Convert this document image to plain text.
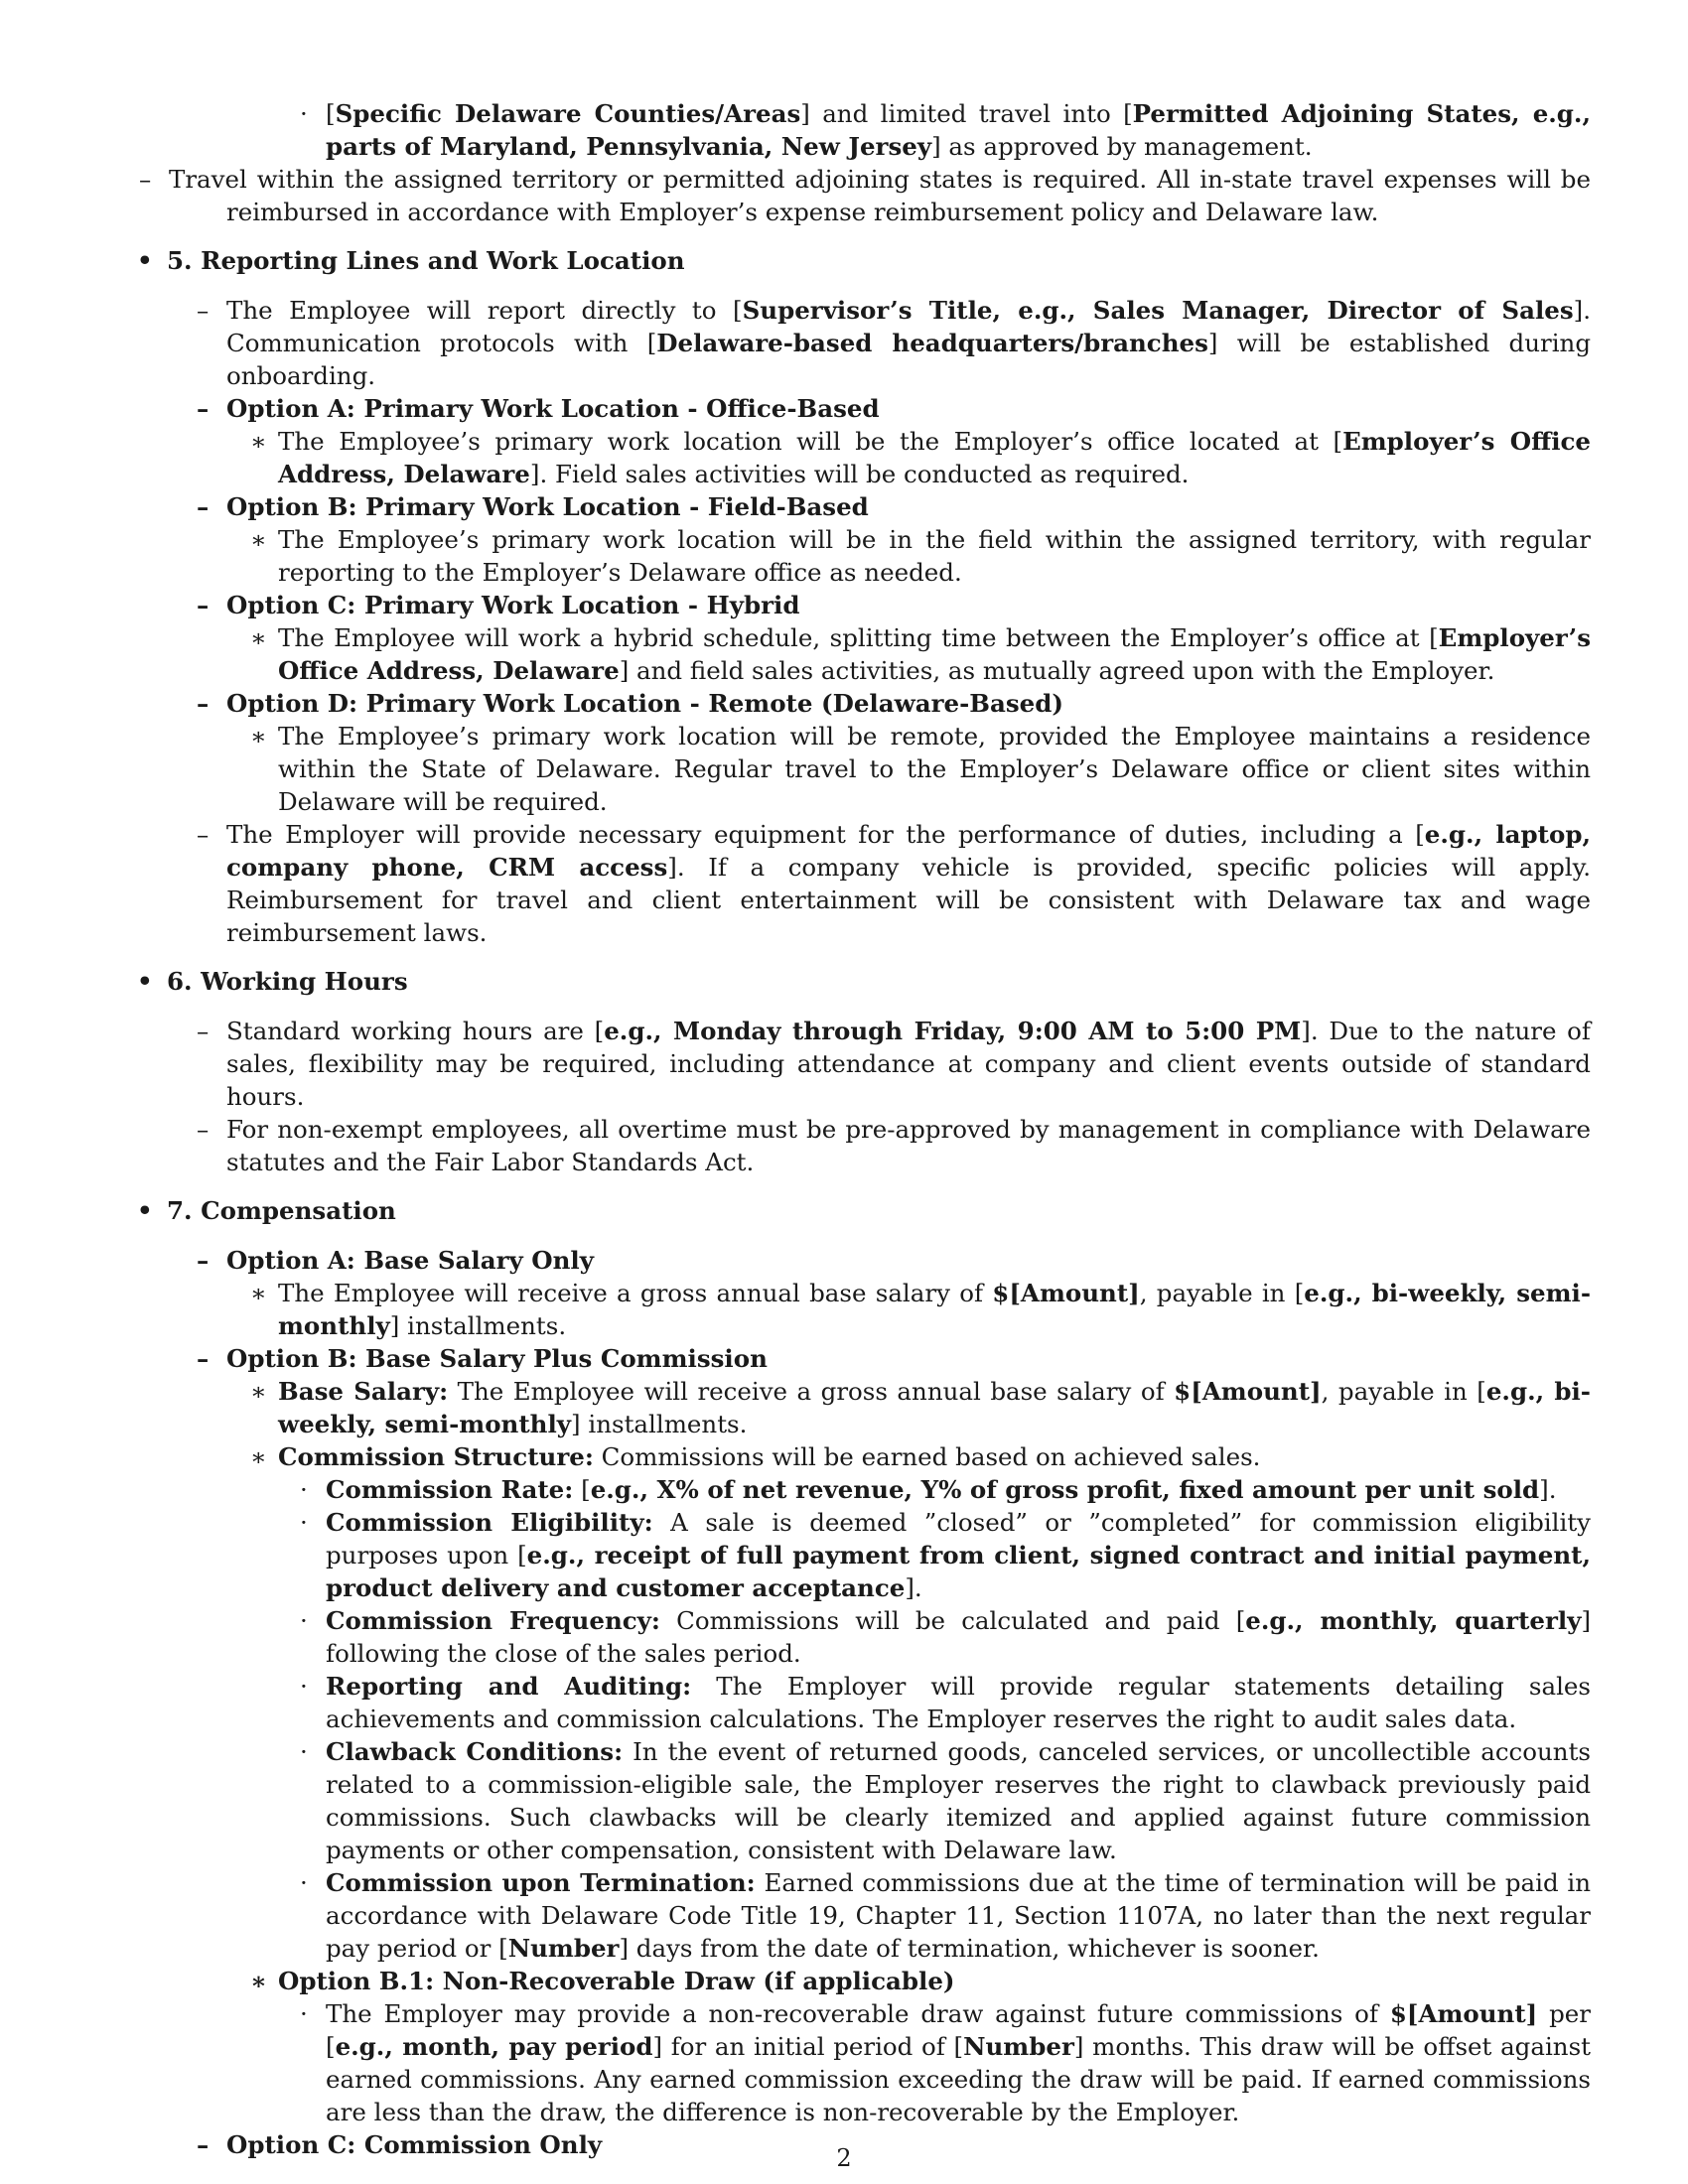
· [Specific Delaware Counties/Areas] and limited travel into [Permitted Adjoining States, e.g., parts of Maryland, Pennsylvania, New Jersey] as approved by management.

– Travel within the assigned territory or permitted adjoining states is required. All in-state travel expenses will be reimbursed in accordance with Employer’s expense reimbursement policy and Delaware law.

• 5. Reporting Lines and Work Location

– The Employee will report directly to [Supervisor’s Title, e.g., Sales Manager, Director of Sales]. Communication protocols with [Delaware-based headquarters/branches] will be established during onboarding.

– Option A: Primary Work Location - Office-Based

∗ The Employee’s primary work location will be the Employer’s office located at [Employer’s Office Address, Delaware]. Field sales activities will be conducted as required.

– Option B: Primary Work Location - Field-Based

∗ The Employee’s primary work location will be in the field within the assigned territory, with regular reporting to the Employer’s Delaware office as needed.

– Option C: Primary Work Location - Hybrid

∗ The Employee will work a hybrid schedule, splitting time between the Employer’s office at [Employer’s Office Address, Delaware] and field sales activities, as mutually agreed upon with the Employer.

– Option D: Primary Work Location - Remote (Delaware-Based)

∗ The Employee’s primary work location will be remote, provided the Employee maintains a residence within the State of Delaware. Regular travel to the Employer’s Delaware office or client sites within Delaware will be required.

– The Employer will provide necessary equipment for the performance of duties, including a [e.g., laptop, company phone, CRM access]. If a company vehicle is provided, specific policies will apply. Reimbursement for travel and client entertainment will be consistent with Delaware tax and wage reimbursement laws.

• 6. Working Hours

– Standard working hours are [e.g., Monday through Friday, 9:00 AM to 5:00 PM]. Due to the nature of sales, flexibility may be required, including attendance at company and client events outside of standard hours.

– For non-exempt employees, all overtime must be pre-approved by management in compliance with Delaware statutes and the Fair Labor Standards Act.

• 7. Compensation

– Option A: Base Salary Only

∗ The Employee will receive a gross annual base salary of $[Amount], payable in [e.g., bi-weekly, semi-monthly] installments.

– Option B: Base Salary Plus Commission

∗ Base Salary: The Employee will receive a gross annual base salary of $[Amount], payable in [e.g., bi-weekly, semi-monthly] installments.

∗ Commission Structure: Commissions will be earned based on achieved sales.

· Commission Rate: [e.g., X% of net revenue, Y% of gross profit, fixed amount per unit sold].

· Commission Eligibility: A sale is deemed ”closed” or ”completed” for commission eligibility purposes upon [e.g., receipt of full payment from client, signed contract and initial payment, product delivery and customer acceptance].

· Commission Frequency: Commissions will be calculated and paid [e.g., monthly, quarterly] following the close of the sales period.

· Reporting and Auditing: The Employer will provide regular statements detailing sales achievements and commission calculations. The Employer reserves the right to audit sales data.

· Clawback Conditions: In the event of returned goods, canceled services, or uncollectible accounts related to a commission-eligible sale, the Employer reserves the right to clawback previously paid commissions. Such clawbacks will be clearly itemized and applied against future commission payments or other compensation, consistent with Delaware law.

· Commission upon Termination: Earned commissions due at the time of termination will be paid in accordance with Delaware Code Title 19, Chapter 11, Section 1107A, no later than the next regular pay period or [Number] days from the date of termination, whichever is sooner.

∗ Option B.1: Non-Recoverable Draw (if applicable)

· The Employer may provide a non-recoverable draw against future commissions of $[Amount] per [e.g., month, pay period] for an initial period of [Number] months. This draw will be offset against earned commissions. Any earned commission exceeding the draw will be paid. If earned commissions are less than the draw, the difference is non-recoverable by the Employer.

– Option C: Commission Only	2
